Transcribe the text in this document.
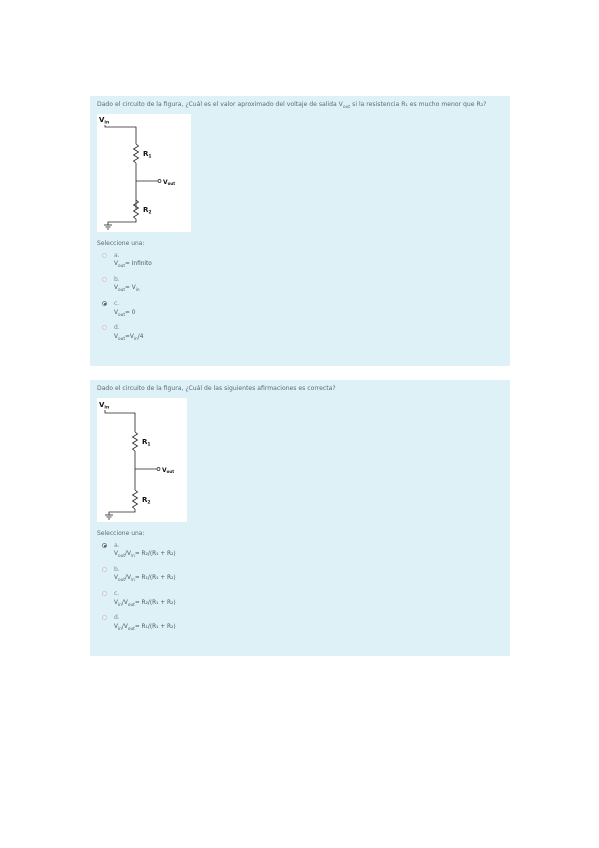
Dado el circuito de la figura, ¿Cuál es el valor aproximado del voltaje de salida $V_{out}$ si la resistencia R₁ es mucho menor que R₂?
$V_{in}$
$R_1$
Vout
$R_2$
Seleccione una:
a.
$V_{out}=$ Infinito
b.
$V_{out}= V_{in}$
c.
$V_{out}= 0$
d.
$V_{out}=V_{in}/4$
Dado el circuito de la figura, ¿Cuál de las siguientes afirmaciones es correcta?
$V_{in}$
$R_1$
Vout
$R_2$
Seleccione una:
a.
$V_{out}/V_{in}= R_2/(R_1 + R_2)$
b.
$V_{out}/V_{in}= R_1/(R_1 + R_2)$
c.
$V_{in}/V_{out}= R_2/(R_1 + R_2)$
d.
$V_{in}/V_{out}= R_1/(R_1 + R_2)$
